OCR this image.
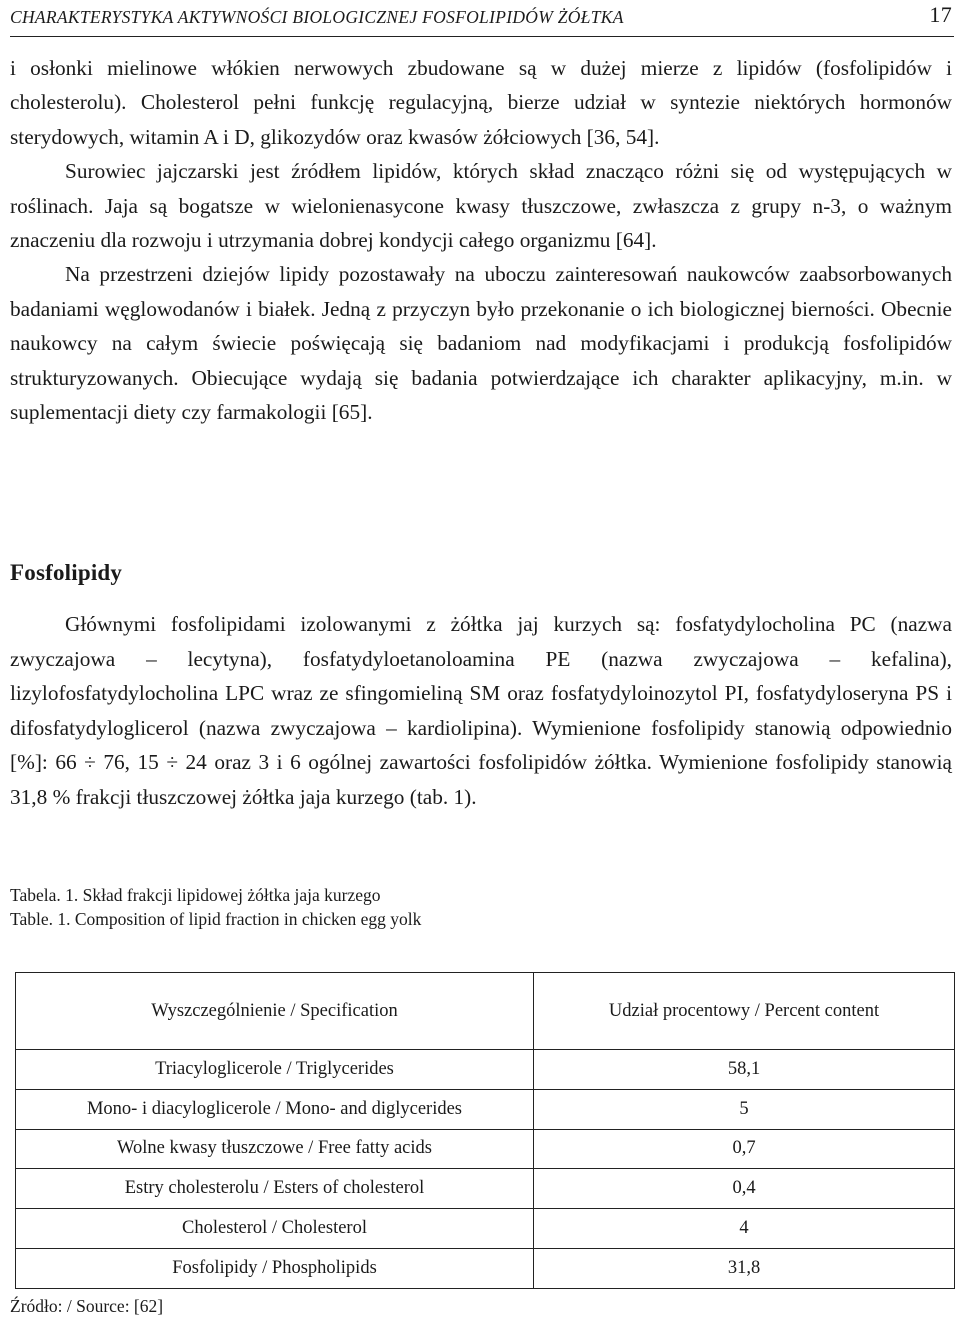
CHARAKTERYSTYKA AKTYWNOŚCI BIOLOGICZNEJ FOSFOLIPIDÓW ŻÓŁTKA	17

i osłonki mielinowe włókien nerwowych zbudowane są w dużej mierze z lipidów (fosfolipidów i cholesterolu). Cholesterol pełni funkcję regulacyjną, bierze udział w syntezie niektórych hormonów sterydowych, witamin A i D, glikozydów oraz kwasów żółciowych [36, 54].

Surowiec jajczarski jest źródłem lipidów, których skład znacząco różni się od występujących w roślinach. Jaja są bogatsze w wielonienasycone kwasy tłuszczowe, zwłaszcza z grupy n-3, o ważnym znaczeniu dla rozwoju i utrzymania dobrej kondycji całego organizmu [64].

Na przestrzeni dziejów lipidy pozostawały na uboczu zainteresowań naukowców zaabsorbowanych badaniami węglowodanów i białek. Jedną z przyczyn było przekonanie o ich biologicznej bierności. Obecnie naukowcy na całym świecie poświęcają się badaniom nad modyfikacjami i produkcją fosfolipidów strukturyzowanych. Obiecujące wydają się badania potwierdzające ich charakter aplikacyjny, m.in. w suplementacji diety czy farmakologii [65].

Fosfolipidy

Głównymi fosfolipidami izolowanymi z żółtka jaj kurzych są: fosfatydylocholina PC (nazwa zwyczajowa – lecytyna), fosfatydyloetanoloamina PE (nazwa zwyczajowa – kefalina), lizylofosfatydylocholina LPC wraz ze sfingomieliną SM oraz fosfatydyloinozytol PI, fosfatydyloseryna PS i difosfatydyloglicerol (nazwa zwyczajowa – kardiolipina). Wymienione fosfolipidy stanowią odpowiednio [%]: 66 ÷ 76, 15 ÷ 24 oraz 3 i 6 ogólnej zawartości fosfolipidów żółtka. Wymienione fosfolipidy stanowią 31,8 % frakcji tłuszczowej żółtka jaja kurzego (tab. 1).

Tabela. 1. Skład frakcji lipidowej żółtka jaja kurzego
Table. 1. Composition of lipid fraction in chicken egg yolk
Wyszczególnienie / Specification	Udział procentowy / Percent content
Triacyloglicerole / Triglycerides	58,1
Mono- i diacyloglicerole / Mono- and diglycerides	5
Wolne kwasy tłuszczowe / Free fatty acids	0,7
Estry cholesterolu / Esters of cholesterol	0,4
Cholesterol / Cholesterol	4
Fosfolipidy / Phospholipids	31,8
Źródło: / Source: [62]
